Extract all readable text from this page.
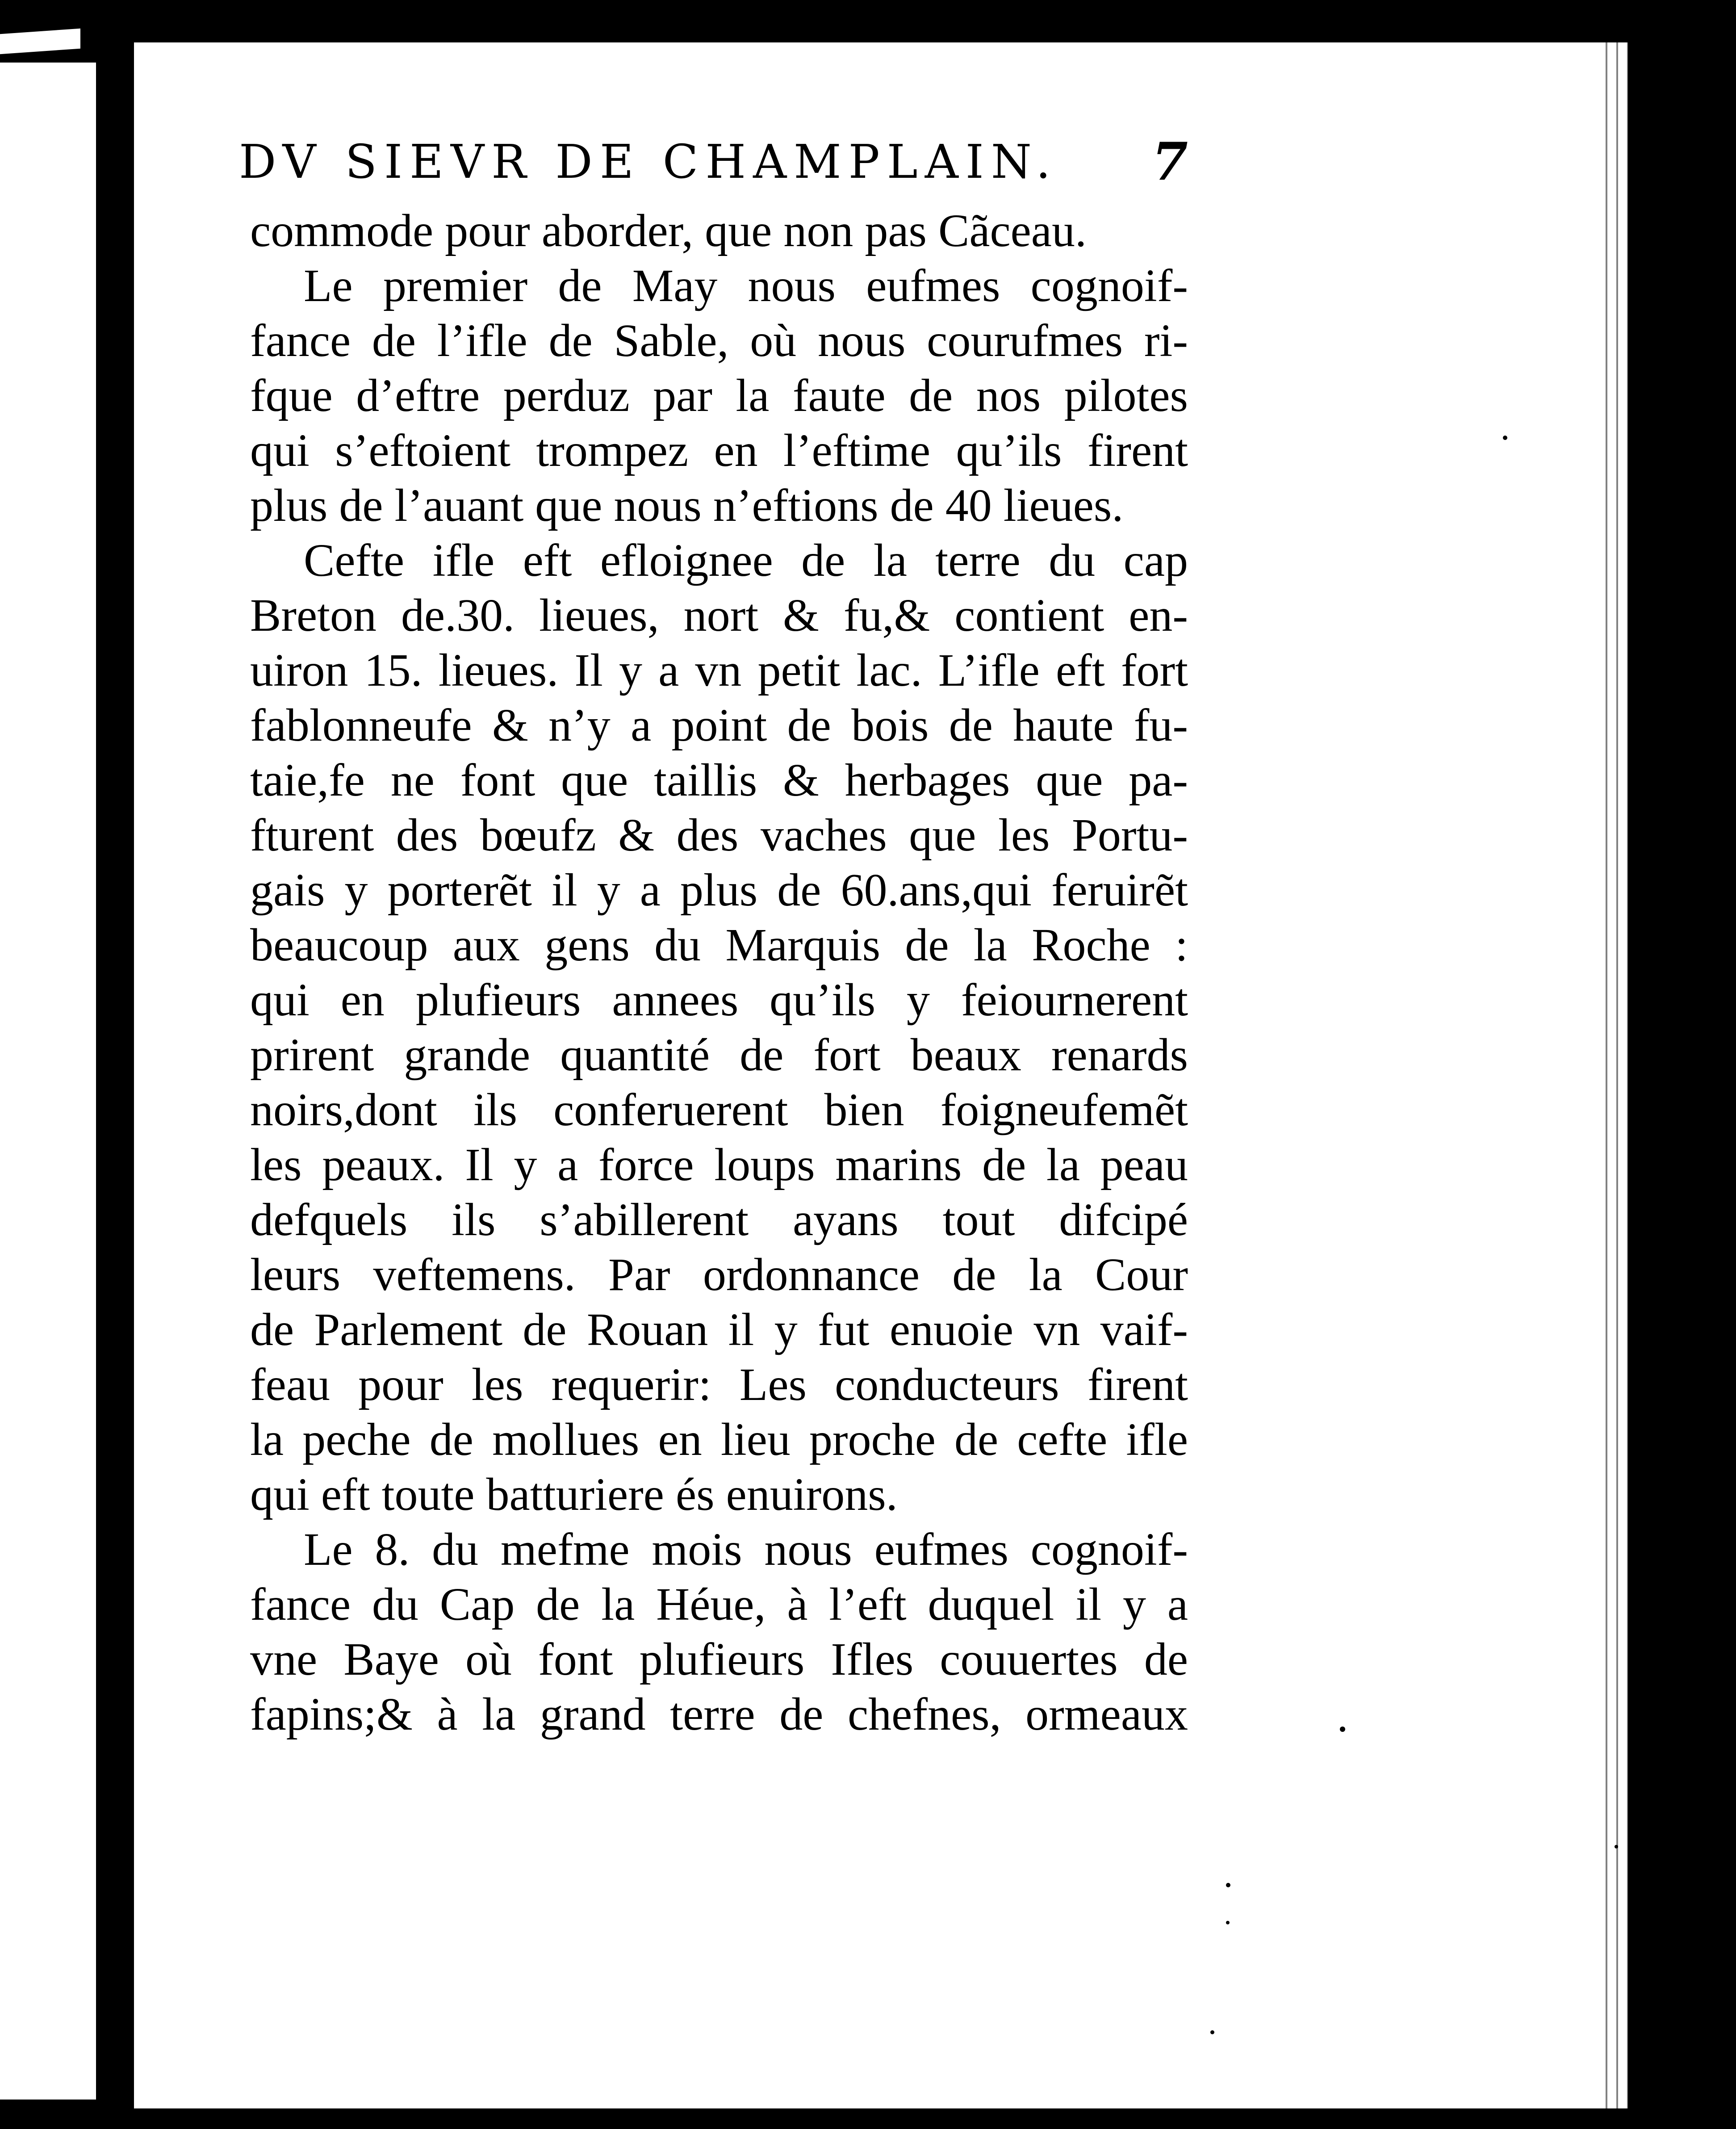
DV SIEVR DE CHAMPLAIN.	7
commode pour aborder, que non pas Cãceau.
Le premier de May nous eufmes cognoif-
fance de l’ifle de Sable, où nous courufmes ri-
fque d’eftre perduz par la faute de nos pilotes
qui s’eftoient trompez en l’eftime qu’ils firent
plus de l’auant que nous n’eftions de 40 lieues.
Cefte ifle eft efloignee de la terre du cap
Breton de.30. lieues, nort & fu,& contient en-
uiron 15. lieues. Il y a vn petit lac. L’ifle eft fort
fablonneufe & n’y a point de bois de haute fu-
taie,fe ne font que taillis & herbages que pa-
fturent des bœufz & des vaches que les Portu-
gais y porterẽt il y a plus de 60.ans,qui feruirẽt
beaucoup aux gens du Marquis de la Roche :
qui en plufieurs annees qu’ils y feiournerent
prirent grande quantité de fort beaux renards
noirs,dont ils conferuerent bien foigneufemẽt
les peaux. Il y a force loups marins de la peau
defquels ils s’abillerent ayans tout difcipé
leurs veftemens. Par ordonnance de la Cour
de Parlement de Rouan il y fut enuoie vn vaif-
feau pour les requerir: Les conducteurs firent
la peche de mollues en lieu proche de cefte ifle
qui eft toute batturiere és enuirons.
Le 8. du mefme mois nous eufmes cognoif-
fance du Cap de la Héue, à l’eft duquel il y a
vne Baye où font plufieurs Ifles couuertes de
fapins;& à la grand terre de chefnes, ormeaux
